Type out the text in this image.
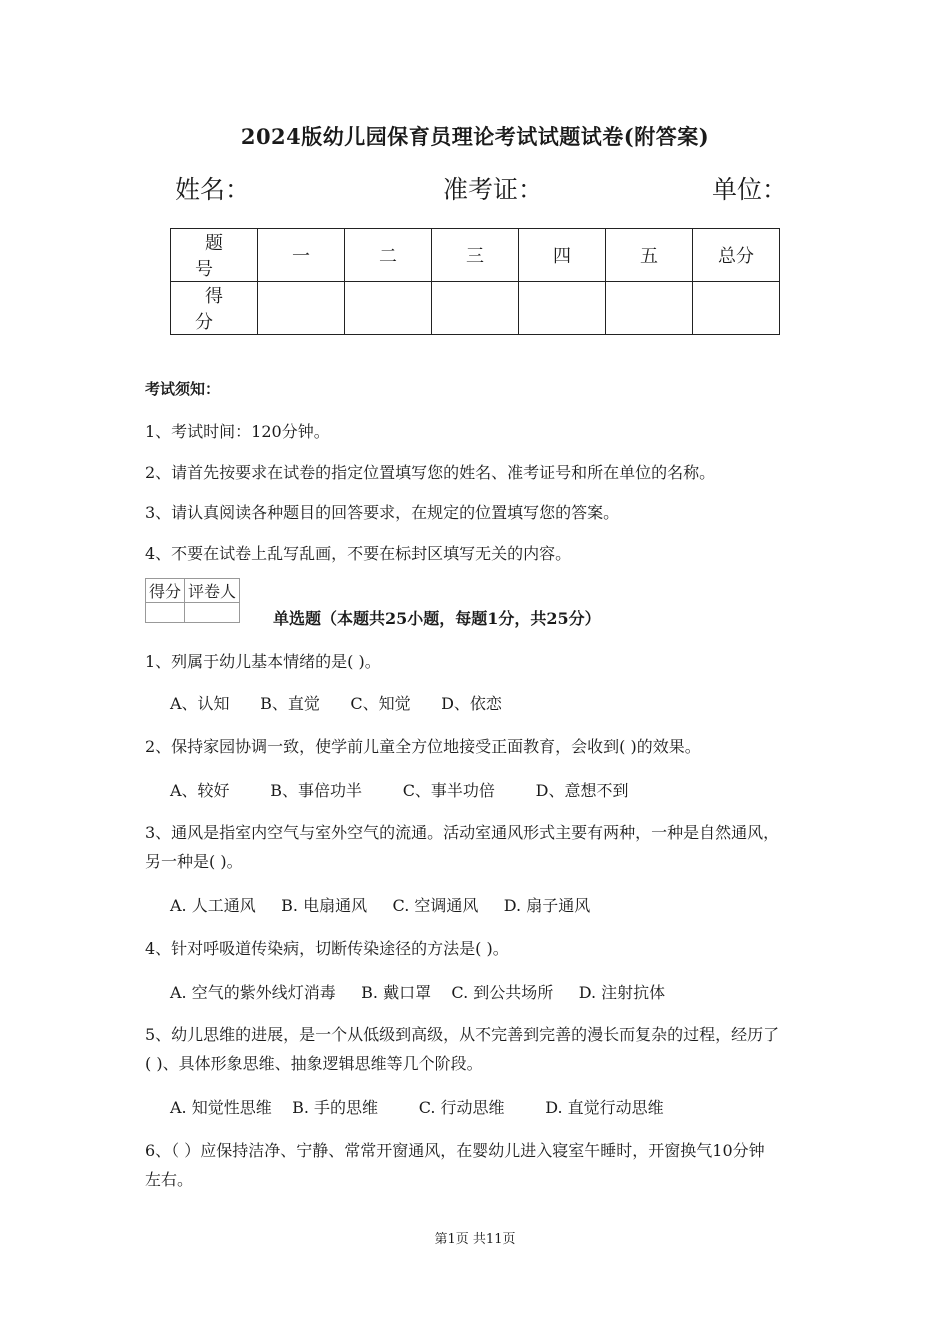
2024版幼儿园保育员理论考试试题试卷(附答案)
姓名：	准考证：	单位：
题 号	一	二	三	四	五	总分
得 分						
考试须知：
1、考试时间：120分钟。
2、请首先按要求在试卷的指定位置填写您的姓名、准考证号和所在单位的名称。
3、请认真阅读各种题目的回答要求，在规定的位置填写您的答案。
4、不要在试卷上乱写乱画，不要在标封区填写无关的内容。
得分	评卷人

单选题（本题共25小题，每题1分，共25分）
1、列属于幼儿基本情绪的是( )。
A、认知      B、直觉      C、知觉      D、依恋
2、保持家园协调一致，使学前儿童全方位地接受正面教育，会收到( )的效果。
A、较好        B、事倍功半        C、事半功倍        D、意想不到
3、通风是指室内空气与室外空气的流通。活动室通风形式主要有两种，一种是自然通风，
另一种是( )。
A. 人工通风     B. 电扇通风     C. 空调通风     D. 扇子通风
4、针对呼吸道传染病，切断传染途径的方法是( )。
A. 空气的紫外线灯消毒     B. 戴口罩    C. 到公共场所     D. 注射抗体
5、幼儿思维的进展，是一个从低级到高级，从不完善到完善的漫长而复杂的过程，经历了
( )、具体形象思维、抽象逻辑思维等几个阶段。
A. 知觉性思维    B. 手的思维        C. 行动思维        D. 直觉行动思维
6、（ ）应保持洁净、宁静、常常开窗通风，在婴幼儿进入寝室午睡时，开窗换气10分钟
左右。
第1页 共11页
